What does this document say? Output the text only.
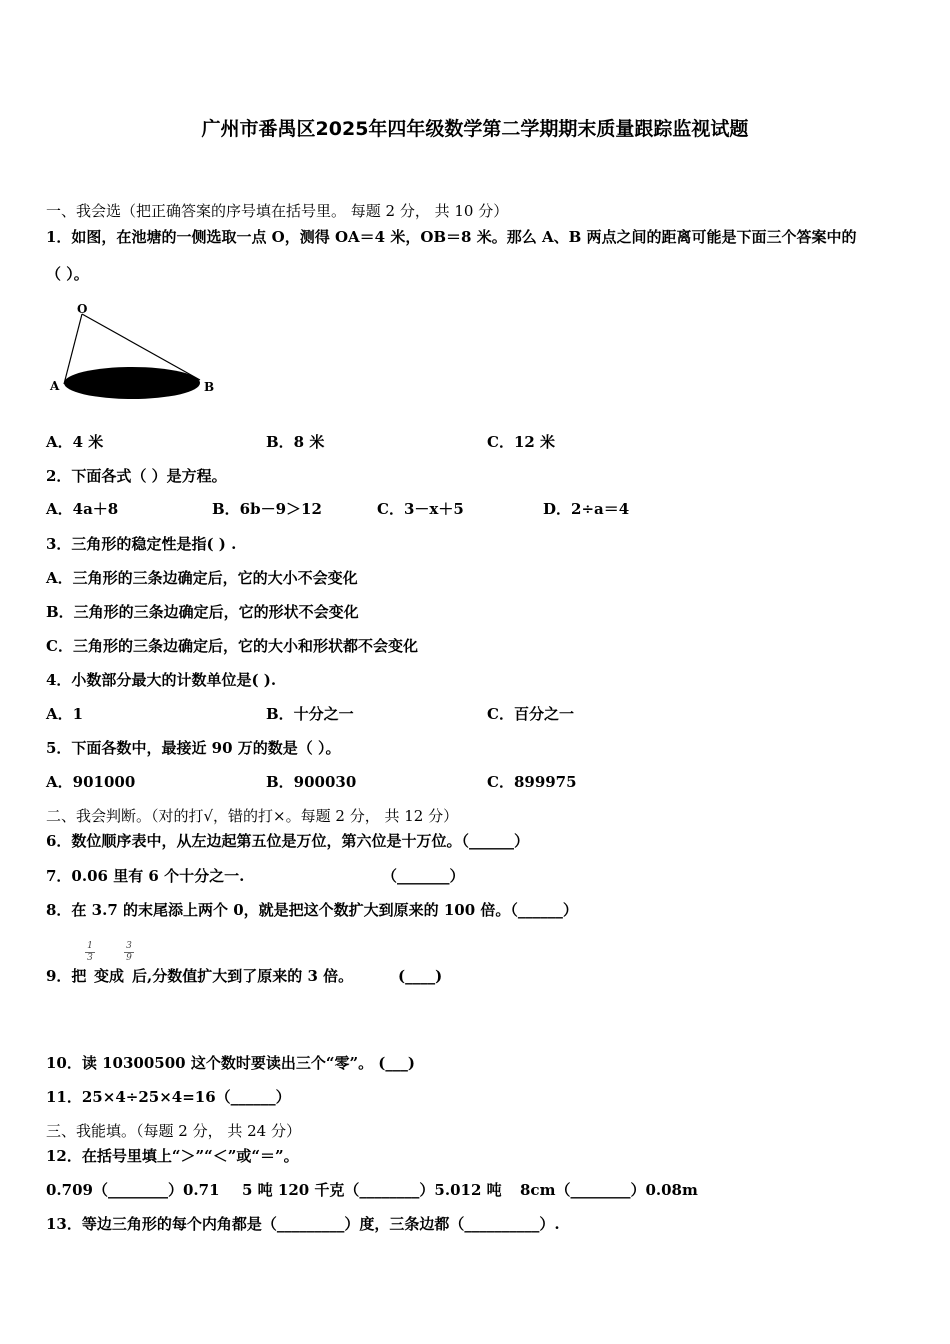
广州市番禺区2025年四年级数学第二学期期末质量跟踪监视试题
一、我会选（把正确答案的序号填在括号里。 每题 2 分， 共 10 分）
1．如图，在池塘的一侧选取一点 O，测得 OA＝4 米，OB＝8 米。那么 A、B 两点之间的距离可能是下面三个答案中的
（ ）。
O
A	B
A．4 米	B．8 米	C．12 米
2．下面各式（ ）是方程。
A．4a＋8	B．6b－9＞12	C．3－x＋5	D．2÷a＝4
3．三角形的稳定性是指( ) .
A．三角形的三条边确定后，它的大小不会变化
B．三角形的三条边确定后，它的形状不会变化
C．三角形的三条边确定后，它的大小和形状都不会变化
4．小数部分最大的计数单位是( ).
A．1	B．十分之一	C．百分之一
5．下面各数中，最接近 90 万的数是（ ）。
A．901000	B．900030	C．899975
二、我会判断。（对的打√，错的打×。每题 2 分， 共 12 分）
6．数位顺序表中，从左边起第五位是万位，第六位是十万位。（______）
7．0.06 里有 6 个十分之一.	（_______）
8．在 3.7 的末尾添上两个 0，就是把这个数扩大到原来的 100 倍。（______）
9．把
1
3
变成
3
9
后,分数值扩大到了原来的 3 倍。	(____)
10．读 10300500 这个数时要读出三个“零”。 (___)
11．25×4÷25×4=16（______）
三、我能填。（每题 2 分， 共 24 分）
12．在括号里填上“＞”“＜”或“＝”。
0.709（________）0.71 5 吨 120 千克（________）5.012 吨 8cm（________）0.08m
13．等边三角形的每个内角都是（_________）度，三条边都（__________）.
